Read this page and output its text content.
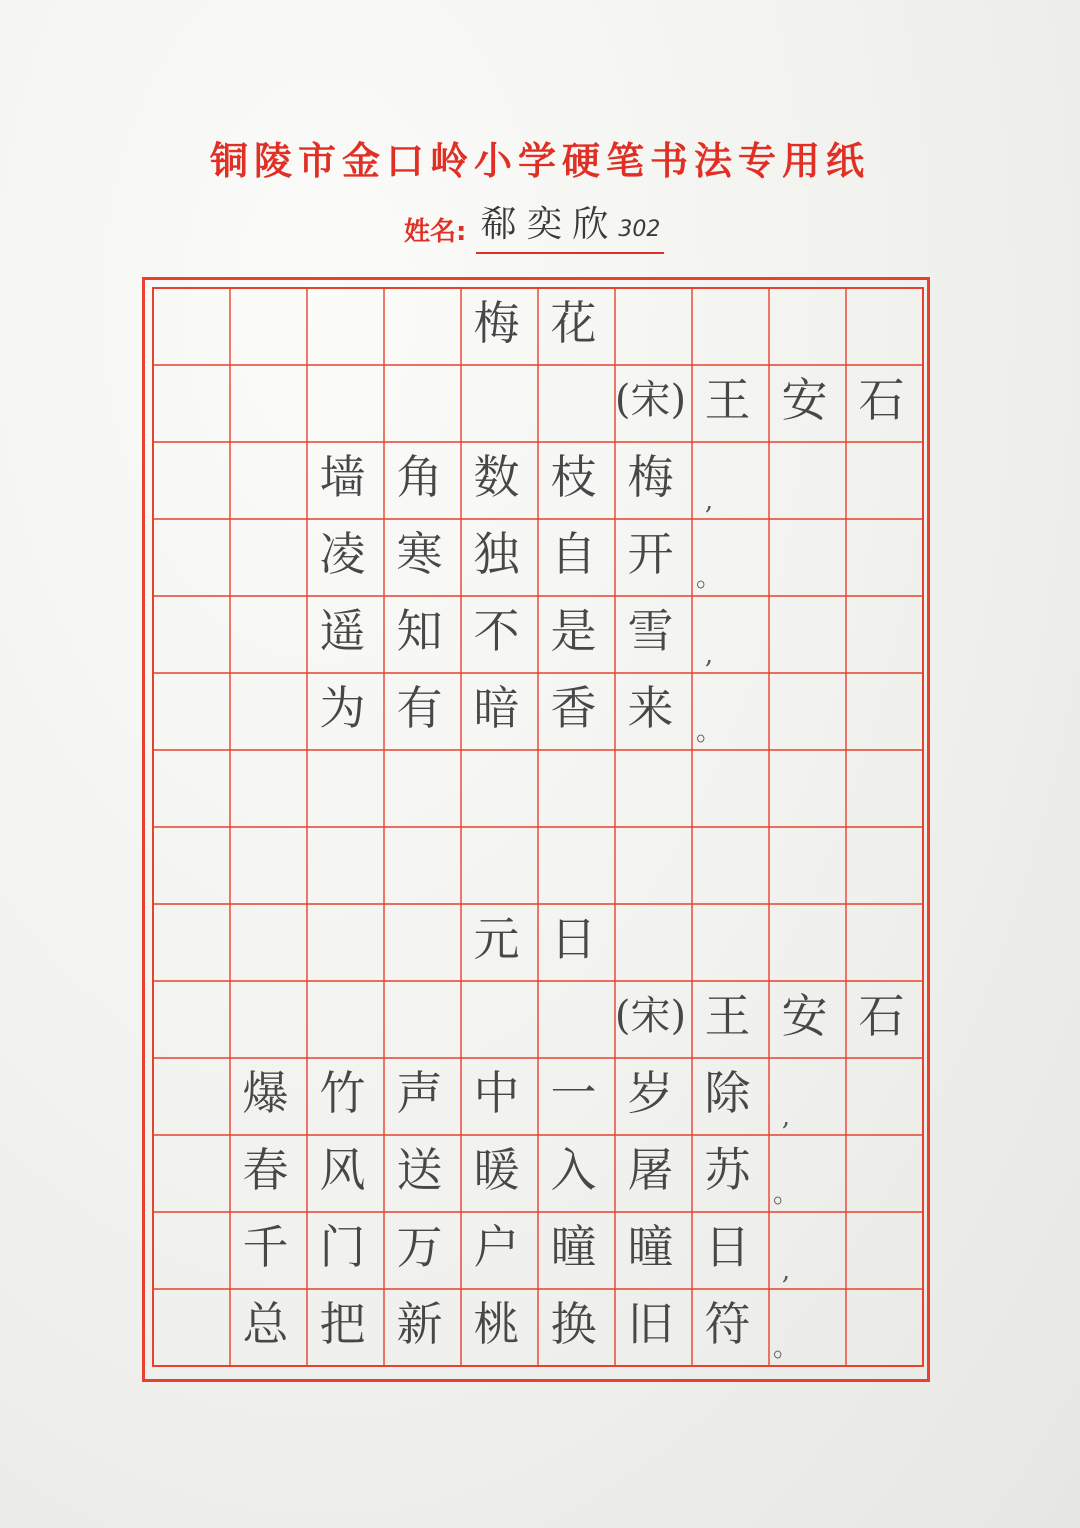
铜陵市金口岭小学硬笔书法专用纸
姓名: 郗奕欣302
梅 花
(宋) 王 安 石
墙 角 数 枝 梅	,
凌 寒 独 自 开 。
遥 知 不 是 雪	,
为 有 暗 香 来 。
元 日
(宋) 王 安 石
爆 竹 声 中 一 岁 除	,
春 风 送 暖 入 屠 苏 。
千 门 万 户 曈 曈 日	,
总 把 新 桃 换 旧 符 。
